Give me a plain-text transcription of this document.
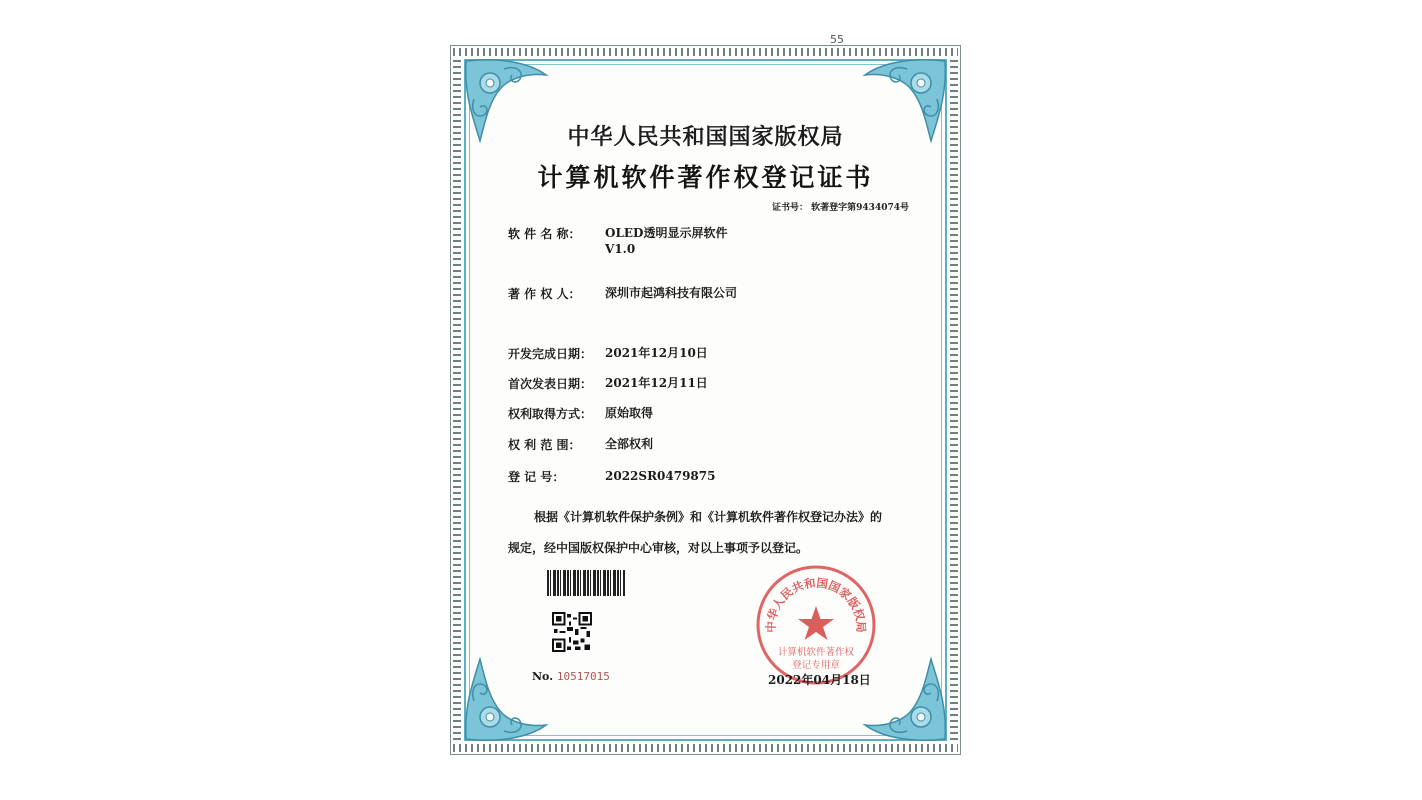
55
中华人民共和国国家版权局
计算机软件著作权登记证书
证书号： 软著登字第9434074号
软 件 名 称：	OLED透明显示屏软件
V1.0
著 作 权 人：	深圳市起鸿科技有限公司
开发完成日期：	2021年12月10日
首次发表日期：	2021年12月11日
权利取得方式：	原始取得
权 利 范 围：	全部权利
登 记 号：	2022SR0479875
根据《计算机软件保护条例》和《计算机软件著作权登记办法》的
规定，经中国版权保护中心审核，对以上事项予以登记。
No. 10517015
中华人民共和国国家版权局
计算机软件著作权
登记专用章
2022年04月18日
